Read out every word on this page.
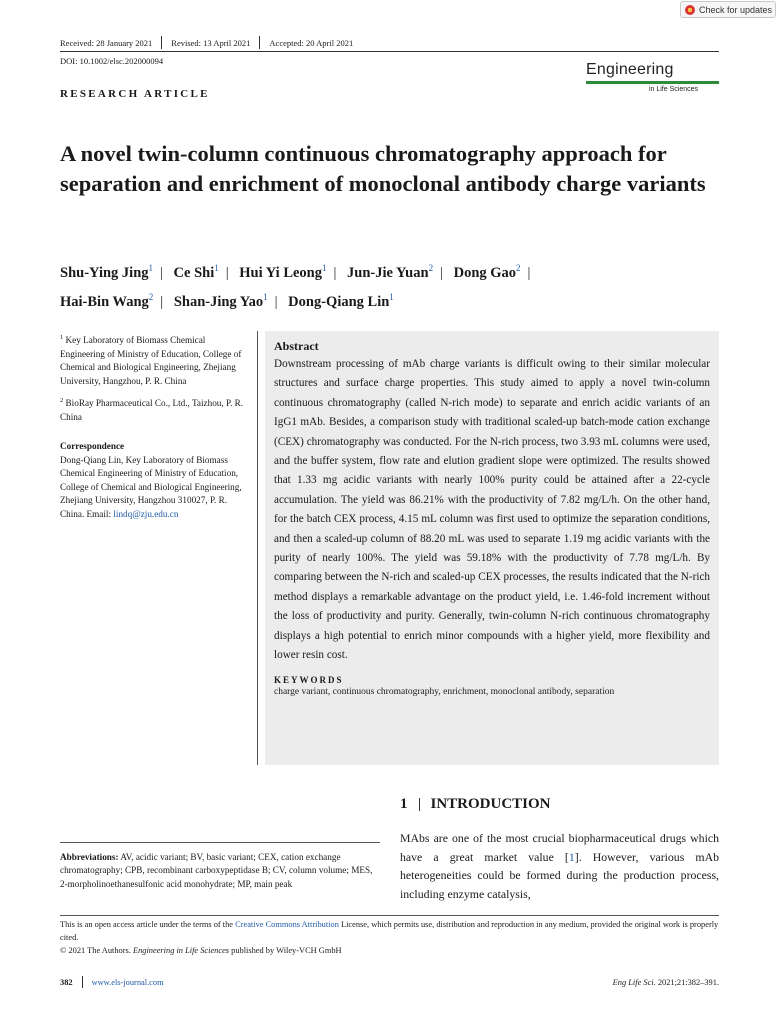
Check for updates
Received: 28 January 2021 Revised: 13 April 2021 Accepted: 20 April 2021
DOI: 10.1002/elsc.202000094	Engineering
in Life Sciences
RESEARCH ARTICLE
A novel twin-column continuous chromatography approach for separation and enrichment of monoclonal antibody charge variants
Shu-Ying Jing$^1$ | Ce Shi$^1$ | Hui Yi Leong$^1$ | Jun-Jie Yuan$^2$ | Dong Gao$^2$ |
Hai-Bin Wang$^2$ | Shan-Jing Yao$^1$ | Dong-Qiang Lin$^1$

$^1$ Key Laboratory of Biomass Chemical Engineering of Ministry of Education, College of Chemical and Biological Engineering, Zhejiang University, Hangzhou, P. R. China

$^2$ BioRay Pharmaceutical Co., Ltd., Taizhou, P. R. China

Correspondence

Dong-Qiang Lin, Key Laboratory of Biomass Chemical Engineering of Ministry of Education, College of Chemical and Biological Engineering, Zhejiang University, Hangzhou 310027, P. R. China. Email: lindq@zju.edu.cn

Abstract
Downstream processing of mAb charge variants is difficult owing to their similar molecular structures and surface charge properties. This study aimed to apply a novel twin-column continuous chromatography (called N-rich mode) to separate and enrich acidic variants of an IgG1 mAb. Besides, a comparison study with traditional scaled-up batch-mode cation exchange (CEX) chromatography was conducted. For the N-rich process, two 3.93 mL columns were used, and the buffer system, flow rate and elution gradient slope were optimized. The results showed that 1.33 mg acidic variants with nearly 100% purity could be attained after a 22-cycle accumulation. The yield was 86.21% with the productivity of 7.82 mg/L/h. On the other hand, for the batch CEX process, 4.15 mL column was first used to optimize the separation conditions, and then a scaled-up column of 88.20 mL was used to separate 1.19 mg acidic variants with the purity of nearly 100%. The yield was 59.18% with the productivity of 7.78 mg/L/h. By comparing between the N-rich and scaled-up CEX processes, the results indicated that the N-rich method displays a remarkable advantage on the product yield, i.e. 1.46-fold increment without the loss of productivity and purity. Generally, twin-column N-rich continuous chromatography displays a high potential to enrich minor compounds with a higher yield, more flexibility and lower resin cost.
KEYWORDS
charge variant, continuous chromatography, enrichment, monoclonal antibody, separation
1 INTRODUCTION
MAbs are one of the most crucial biopharmaceutical drugs which have a great market value [1]. However, various mAb heterogeneities could be formed during the production process, including enzyme catalysis,
Abbreviations: AV, acidic variant; BV, basic variant; CEX, cation exchange chromatography; CPB, recombinant carboxypeptidase B; CV, column volume; MES, 2-morpholinoethanesulfonic acid monohydrate; MP, main peak

This is an open access article under the terms of the Creative Commons Attribution License, which permits use, distribution and reproduction in any medium, provided the original work is properly cited.

© 2021 The Authors. Engineering in Life Sciences published by Wiley-VCH GmbH

382 www.els-journal.com	Eng Life Sci. 2021;21:382–391.
